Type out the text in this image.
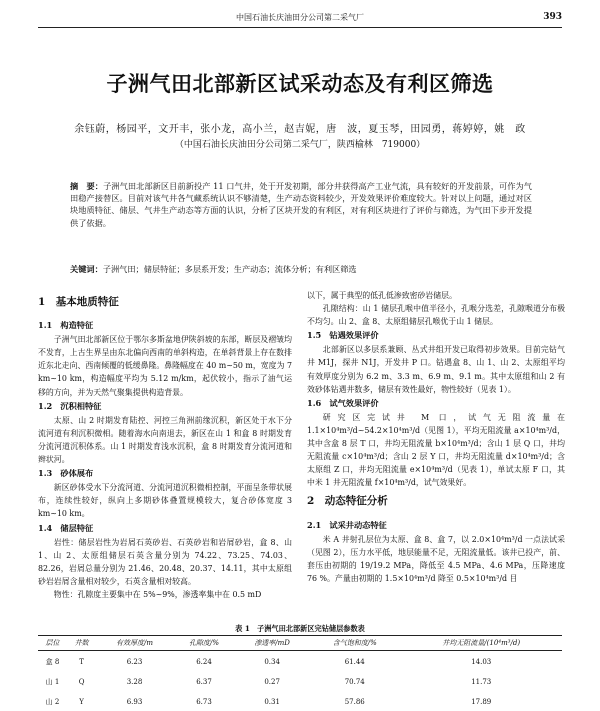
中国石油长庆油田分公司第二采气厂	393
子洲气田北部新区试采动态及有利区筛选
余钰蔚，杨园平，文开丰，张小龙，高小兰，赵吉妮，唐　波，夏玉琴，田园勇，蒋婷婷，姚　政
（中国石油长庆油田分公司第二采气厂，陕西榆林　719000）
摘　要：子洲气田北部新区目前新投产 11 口气井，处于开发初期，部分井获得高产工业气流，具有较好的开发前景，可作为气田稳产接替区。目前对该气井各气藏系统认识不够清楚，生产动态资料较少，开发效果评价难度较大。针对以上问题，通过对区块地质特征、储层、气井生产动态等方面的认识，分析了区块开发的有利区，对有利区块进行了评价与筛选，为气田下步开发提供了依据。
关键词：子洲气田；储层特征；多层系开发；生产动态；流体分析；有利区筛选
1　基本地质特征
1.1　构造特征

子洲气田北部新区位于鄂尔多斯盆地伊陕斜坡的东部，断层及褶皱均不发育，上古生界呈由东北偏向西南的单斜构造，在单斜背景上存在数排近东北走向、西南倾覆的低缓鼻隆。鼻隆幅度在 40 m~50 m，宽度为 7 km~10 km，构造幅度平均为 5.12 m/km，起伏较小，指示了油气运移的方向，并为天然气聚集提供构造背景。

1.2　沉积相特征

太原、山 2 时期发育陆控、河控三角洲前缘沉积，新区处于水下分流河道有利沉积微相。随着海水向南退去，新区在山 1 和盒 8 时期发育分流河道沉积体系。山 1 时期发育浅水沉积，盒 8 时期发育分流河道和辫状河。

1.3　砂体展布

新区砂体受水下分流河道、分流河道沉积微相控制，平面呈条带状展布，连续性较好，纵向上多期砂体叠置规模较大，复合砂体宽度 3 km~10 km。

1.4　储层特征

岩性：储层岩性为岩屑石英砂岩、石英砂岩和岩屑砂岩，盒 8、山 1、山 2、太原组储层石英含量分别为 74.22、73.25、74.03、82.26，岩屑总量分别为 21.46、20.48、20.37、14.11，其中太原组砂岩岩屑含量相对较少，石英含量相对较高。

物性：孔隙度主要集中在 5%~9%，渗透率集中在 0.5 mD

以下，属于典型的低孔低渗致密砂岩储层。

孔隙结构：山 1 储层孔喉中值半径小，孔喉分选差，孔隙喉道分布极不均匀。山 2、盒 8、太原组储层孔喉优于山 1 储层。

1.5　钻遇效果评价

北部新区以多层系兼顾、丛式井组开发已取得初步效果。目前完钻气井 M1J，探井 N1J，开发井 P 口。钻遇盒 8、山 1、山 2、太原组平均有效厚度分别为 6.2 m、3.3 m、6.9 m、9.1 m。其中太原组和山 2 有效砂体钻遇井数多，储层有效性最好，物性较好（见表 1）。

1.6　试气效果评价

研究区完试井 M 口，试气无阻流量在 1.1×10⁴m³/d~54.2×10⁴m³/d（见图 1），平均无阻流量 a×10⁴m³/d，其中含盒 8 层 T 口，井均无阻流量 b×10⁴m³/d；含山 1 层 Q 口，井均无阻流量 c×10⁴m³/d；含山 2 层 Y 口，井均无阻流量 d×10⁴m³/d；含太原组 Z 口，井均无阻流量 e×10⁴m³/d（见表 1），单试太原 F 口，其中米 1 井无阻流量 f×10⁴m³/d，试气效果好。

2　动态特征分析
2.1　试采井动态特征

米 A 井射孔层位为太原、盒 8、盒 7，以 2.0×10⁴m³/d 一点法试采（见图 2），压力水平低，地层能量不足，无阻流量低。该井已投产，前、套压由初期的 19/19.2 MPa，降低至 4.5 MPa、4.6 MPa，压降速度 76 %。产量由初期的 1.5×10⁴m³/d 降至 0.5×10⁴m³/d 目

表 1　子洲气田北部新区完钻储层参数表
层位	井数	有效厚度/m	孔隙度/%	渗透率/mD	含气饱和度/%	井均无阻流量/(10⁴m³/d)
盒 8	T	6.23	6.24	0.34	61.44	14.03
山 1	Q	3.28	6.37	0.27	70.74	11.73
山 2	Y	6.93	6.73	0.31	57.86	17.89
